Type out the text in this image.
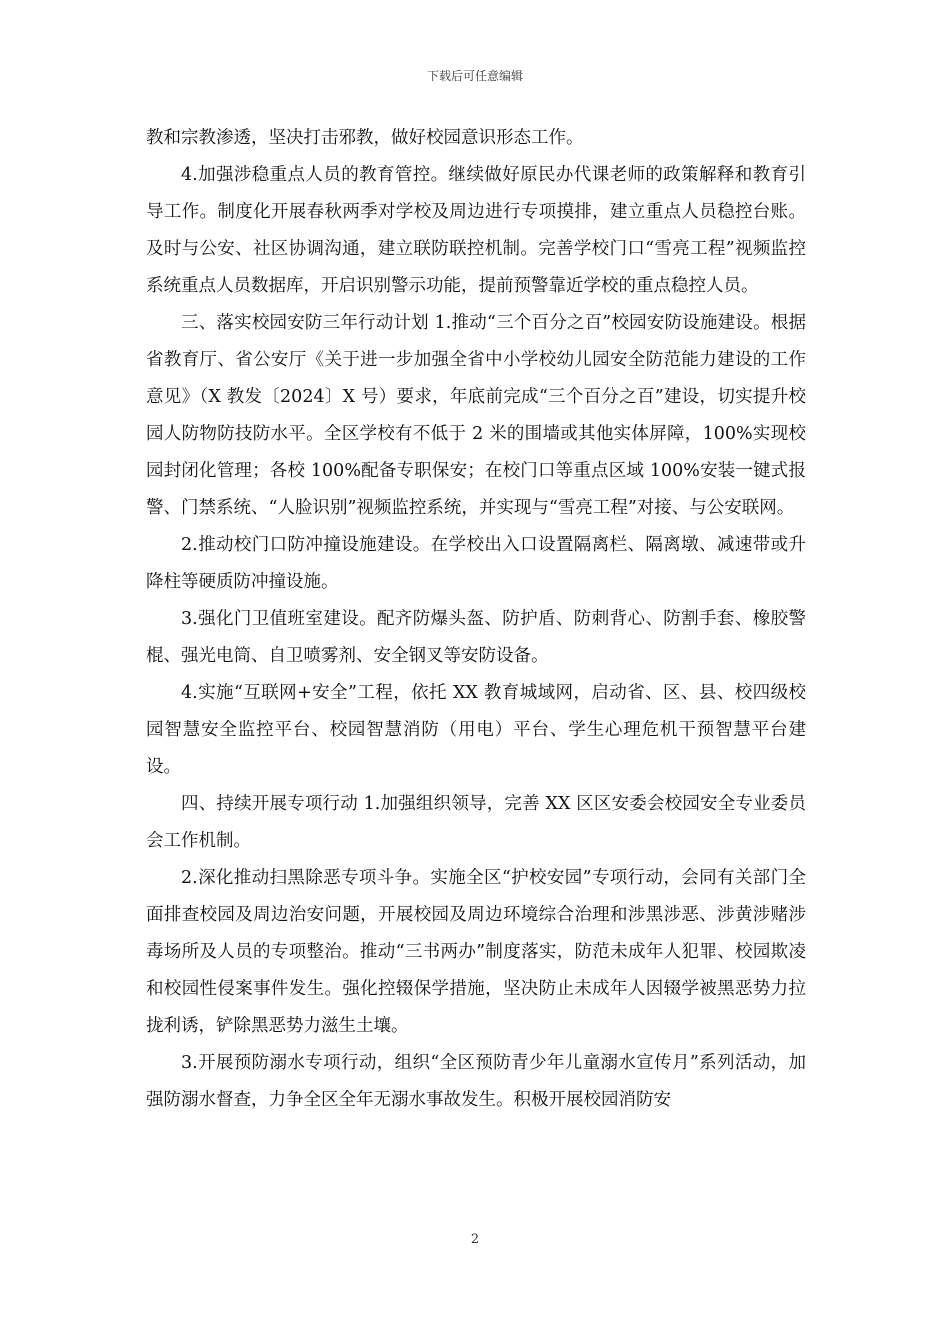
下载后可任意编辑

教和宗教渗透，坚决打击邪教，做好校园意识形态工作。

4.加强涉稳重点人员的教育管控。继续做好原民办代课老师的政策解释和教育引导工作。制度化开展春秋两季对学校及周边进行专项摸排，建立重点人员稳控台账。及时与公安、社区协调沟通，建立联防联控机制。完善学校门口“雪亮工程”视频监控系统重点人员数据库，开启识别警示功能，提前预警靠近学校的重点稳控人员。

三、落实校园安防三年行动计划 1.推动“三个百分之百”校园安防设施建设。根据省教育厅、省公安厅《关于进一步加强全省中小学校幼儿园安全防范能力建设的工作意见》（X 教发〔2024〕X 号）要求，年底前完成“三个百分之百”建设，切实提升校园人防物防技防水平。全区学校有不低于 2 米的围墙或其他实体屏障，100%实现校园封闭化管理；各校 100%配备专职保安；在校门口等重点区域 100%安装一键式报警、门禁系统、“人脸识别”视频监控系统，并实现与“雪亮工程”对接、与公安联网。

2.推动校门口防冲撞设施建设。在学校出入口设置隔离栏、隔离墩、减速带或升降柱等硬质防冲撞设施。

3.强化门卫值班室建设。配齐防爆头盔、防护盾、防刺背心、防割手套、橡胶警棍、强光电筒、自卫喷雾剂、安全钢叉等安防设备。

4.实施“互联网+安全”工程，依托 XX 教育城域网，启动省、区、县、校四级校园智慧安全监控平台、校园智慧消防（用电）平台、学生心理危机干预智慧平台建设。

四、持续开展专项行动 1.加强组织领导，完善 XX 区区安委会校园安全专业委员会工作机制。

2.深化推动扫黑除恶专项斗争。实施全区“护校安园”专项行动，会同有关部门全面排查校园及周边治安问题，开展校园及周边环境综合治理和涉黑涉恶、涉黄涉赌涉毒场所及人员的专项整治。推动“三书两办”制度落实，防范未成年人犯罪、校园欺凌和校园性侵案事件发生。强化控辍保学措施，坚决防止未成年人因辍学被黑恶势力拉拢利诱，铲除黑恶势力滋生土壤。

3.开展预防溺水专项行动，组织“全区预防青少年儿童溺水宣传月”系列活动，加强防溺水督查，力争全区全年无溺水事故发生。积极开展校园消防安

2
